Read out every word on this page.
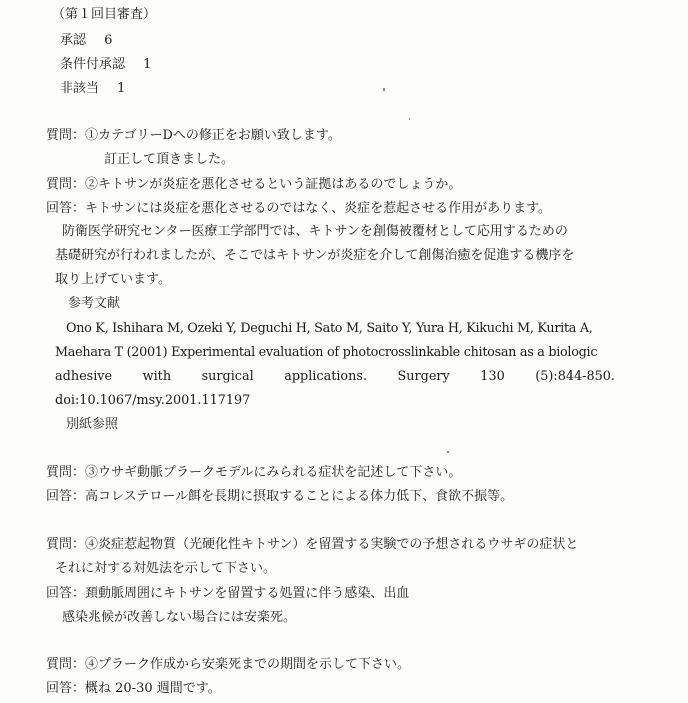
（第１回目審査）
承認 6
条件付承認 1
非該当 1
質問：①カテゴリーDへの修正をお願い致します。
訂正して頂きました。
質問：②キトサンが炎症を悪化させるという証拠はあるのでしょうか。
回答：キトサンには炎症を悪化させるのではなく、炎症を惹起させる作用があります。
防衛医学研究センター医療工学部門では、キトサンを創傷被覆材として応用するための
基礎研究が行われましたが、そこではキトサンが炎症を介して創傷治癒を促進する機序を
取り上げています。
参考文献
Ono K, Ishihara M, Ozeki Y, Deguchi H, Sato M, Saito Y, Yura H, Kikuchi M, Kurita A,
Maehara T (2001) Experimental evaluation of photocrosslinkable chitosan as a biologic
adhesive with surgical applications. Surgery 130 (5):844-850.
doi:10.1067/msy.2001.117197
別紙参照
質問：③ウサギ動脈プラークモデルにみられる症状を記述して下さい。
回答：高コレステロール餌を長期に摂取することによる体力低下、食欲不振等。
質問：④炎症惹起物質（光硬化性キトサン）を留置する実験での予想されるウサギの症状と
それに対する対処法を示して下さい。
回答：頚動脈周囲にキトサンを留置する処置に伴う感染、出血
感染兆候が改善しない場合には安楽死。
質問：④プラーク作成から安楽死までの期間を示して下さい。
回答：概ね 20-30 週間です。
